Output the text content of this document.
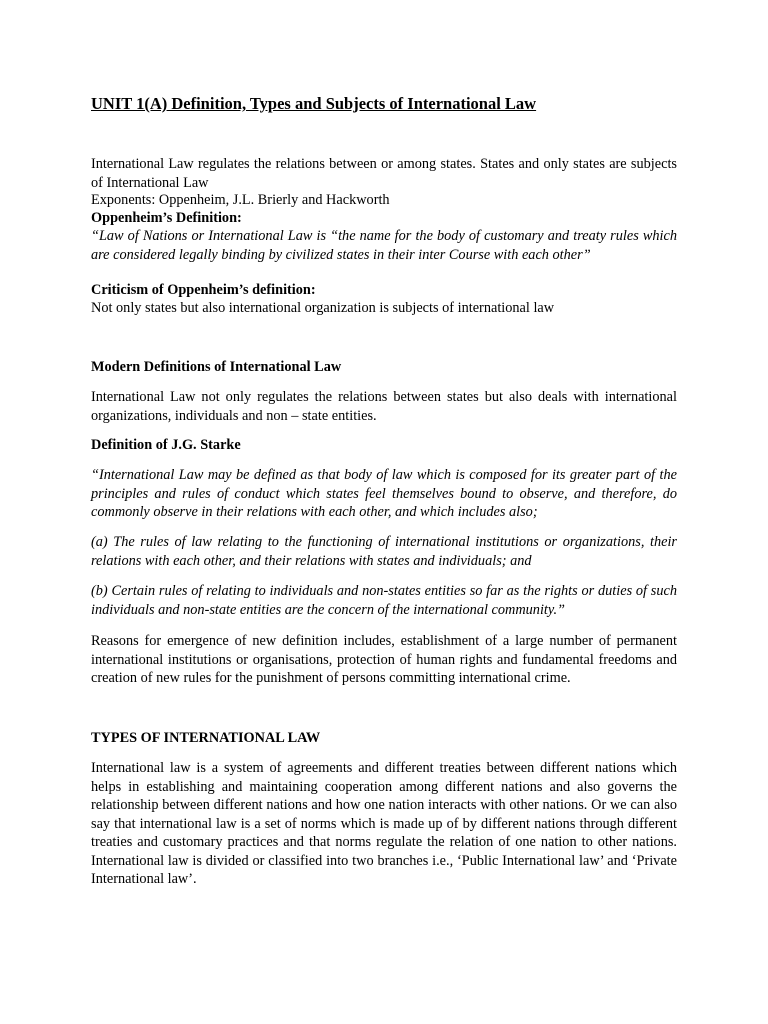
UNIT 1(A) Definition, Types and Subjects of International Law

International Law regulates the relations between or among states. States and only states are subjects of International Law

Exponents: Oppenheim, J.L. Brierly and Hackworth

Oppenheim’s Definition:

“Law of Nations or International Law is “the name for the body of customary and treaty rules which are considered legally binding by civilized states in their inter Course with each other”

Criticism of Oppenheim’s definition:

Not only states but also international organization is subjects of international law

Modern Definitions of International Law

International Law not only regulates the relations between states but also deals with international organizations, individuals and non – state entities.

Definition of J.G. Starke

“International Law may be defined as that body of law which is composed for its greater part of the principles and rules of conduct which states feel themselves bound to observe, and therefore, do commonly observe in their relations with each other, and which includes also;

(a) The rules of law relating to the functioning of international institutions or organizations, their relations with each other, and their relations with states and individuals; and

(b) Certain rules of relating to individuals and non-states entities so far as the rights or duties of such individuals and non-state entities are the concern of the international community.”

Reasons for emergence of new definition includes, establishment of a large number of permanent international institutions or organisations, protection of human rights and fundamental freedoms and creation of new rules for the punishment of persons committing international crime.

TYPES OF INTERNATIONAL LAW

International law is a system of agreements and different treaties between different nations which helps in establishing and maintaining cooperation among different nations and also governs the relationship between different nations and how one nation interacts with other nations. Or we can also say that international law is a set of norms which is made up of by different nations through different treaties and customary practices and that norms regulate the relation of one nation to other nations. International law is divided or classified into two branches i.e., ‘Public International law’ and ‘Private International law’.
